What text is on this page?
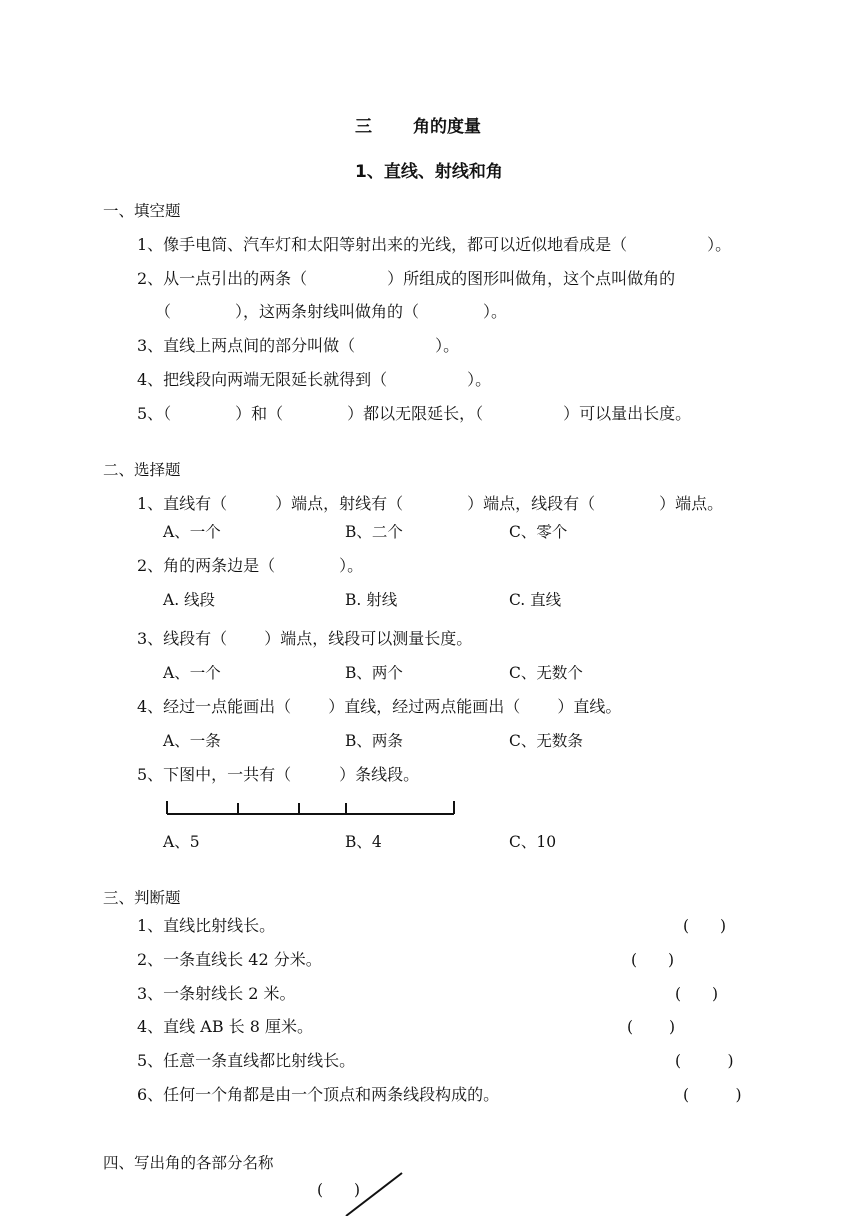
三 角的度量
1、直线、射线和角
一、填空题
1、像手电筒、汽车灯和太阳等射出来的光线，都可以近似地看成是（　　　　　）。
2、从一点引出的两条（　　　　　）所组成的图形叫做角，这个点叫做角的
（　　　　），这两条射线叫做角的（　　　　）。
3、直线上两点间的部分叫做（　　　　　）。
4、把线段向两端无限延长就得到（　　　　　）。
5、（　　　　）和（　　　　）都以无限延长，（　　　　　）可以量出长度。
二、选择题
1、直线有（　　　）端点，射线有（　　　　）端点，线段有（　　　　）端点。
A、一个	B、二个	C、零个
2、角的两条边是（　　　　）。
A. 线段	B. 射线	C. 直线
3、线段有（　　 ）端点，线段可以测量长度。
A、一个	B、两个	C、无数个
4、经过一点能画出（　　 ）直线，经过两点能画出（　　 ）直线。
A、一条	B、两条	C、无数条
5、下图中，一共有（　　　）条线段。
A、5	B、4	C、10
三、判断题
1、直线比射线长。	(　　)
2、一条直线长 42 分米。	(　　)
3、一条射线长 2 米。	(　　)
4、直线 AB 长 8 厘米。	(　　 )
5、任意一条直线都比射线长。	(　　　)
6、任何一个角都是由一个顶点和两条线段构成的。	(　　　)
四、写出角的各部分名称
(　　)
